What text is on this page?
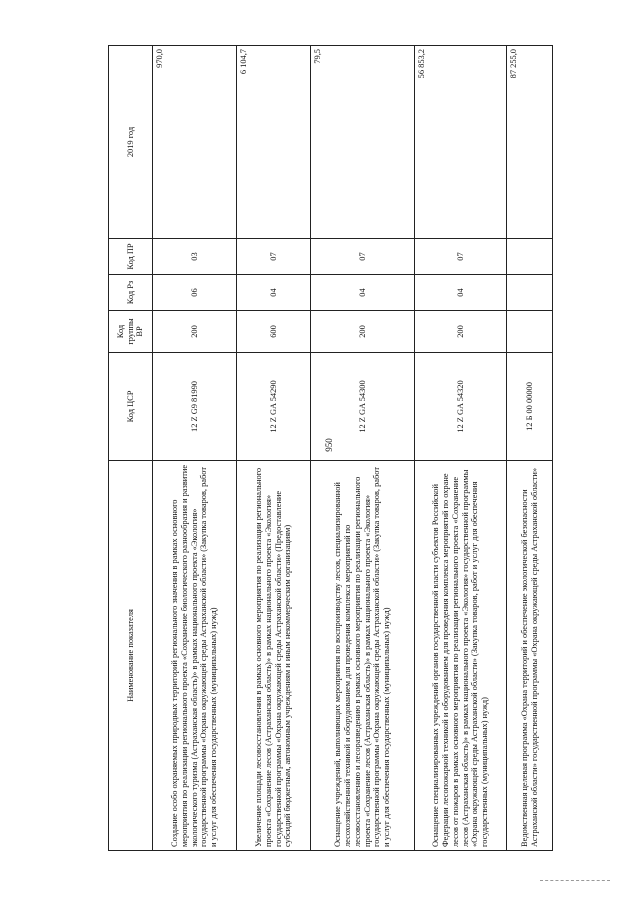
950
Наименование показателя	Код ЦСР	Код группы ВР	Код Рз	Код ПР	2019 год
Создание особо охраняемых природных территорий регионального значения в рамках основного мероприятия по реализации регионального проекта «Сохранение биологического разнообразия и развитие экологического туризма (Астраханская область)» в рамках национального проекта «Экология» государственной программы «Охрана окружающей среды Астраханской области» (Закупка товаров, работ и услуг для обеспечения государственных (муниципальных) нужд)	12 Z G9 81990	200	06	03	970,0
Увеличение площади лесовосстановления в рамках основного мероприятия по реализации регионального проекта «Сохранение лесов (Астраханская область)» в рамках национального проекта «Экология» государственной программы «Охрана окружающей среды Астраханской области» (Предоставление субсидий бюджетным, автономным учреждениям и иным некоммерческим организациям)	12 Z GA 54290	600	04	07	6 104,7
Оснащение учреждений, выполняющих мероприятия по воспроизводству лесов, специализированной лесохозяйственной техникой и оборудованием для проведения комплекса мероприятий по лесовосстановлению и лесоразведению в рамках основного мероприятия по реализации регионального проекта «Сохранение лесов (Астраханская область)» в рамках национального проекта «Экология» государственной программы «Охрана окружающей среды Астраханской области» (Закупка товаров, работ и услуг для обеспечения государственных (муниципальных) нужд)	12 Z GA 54300	200	04	07	79,5
Оснащение специализированных учреждений органов государственной власти субъектов Российской Федерации лесопожарной техникой и оборудованием для проведения комплекса мероприятий по охране лесов от пожаров в рамках основного мероприятия по реализации регионального проекта «Сохранение лесов (Астраханская область)» в рамках национального проекта «Экология» государственной программы «Охрана окружающей среды Астраханской области» (Закупка товаров, работ и услуг для обеспечения государственных (муниципальных) нужд)	12 Z GA 54320	200	04	07	56 853,2
Ведомственная целевая программа «Охрана территорий и обеспечение экологической безопасности Астраханской области» государственной программы «Охрана окружающей среды Астраханской области»	12 Б 00 00000				87 255,0
